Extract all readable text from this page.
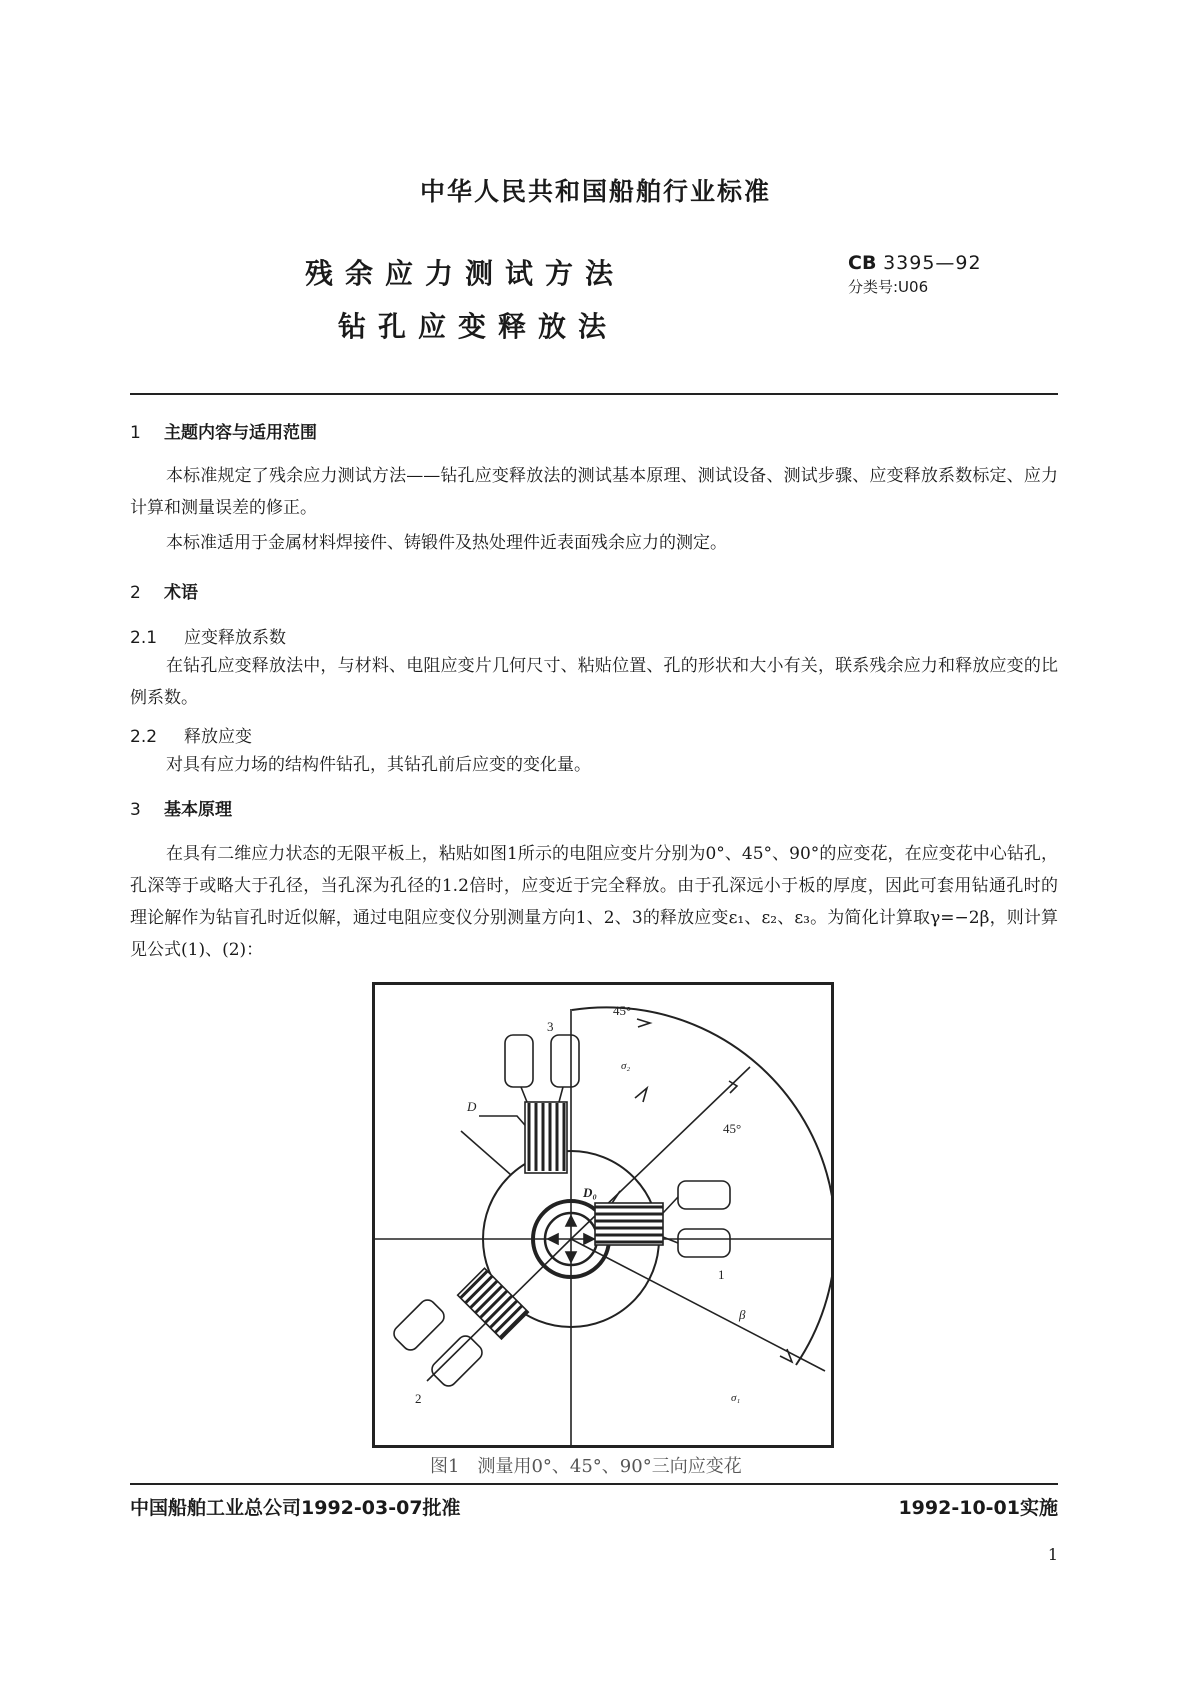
中华人民共和国船舶行业标准
残余应力测试方法
钻孔应变释放法
CB 3395—92
分类号:U06
1 主题内容与适用范围
本标准规定了残余应力测试方法——钻孔应变释放法的测试基本原理、测试设备、测试步骤、应变释放系数标定、应力计算和测量误差的修正。
本标准适用于金属材料焊接件、铸锻件及热处理件近表面残余应力的测定。
2 术语
2.1 应变释放系数
在钻孔应变释放法中，与材料、电阻应变片几何尺寸、粘贴位置、孔的形状和大小有关，联系残余应力和释放应变的比例系数。
2.2 释放应变
对具有应力场的结构件钻孔，其钻孔前后应变的变化量。
3 基本原理
在具有二维应力状态的无限平板上，粘贴如图1所示的电阻应变片分别为0°、45°、90°的应变花，在应变花中心钻孔，孔深等于或略大于孔径，当孔深为孔径的1.2倍时，应变近于完全释放。由于孔深远小于板的厚度，因此可套用钻通孔时的理论解作为钻盲孔时近似解，通过电阻应变仪分别测量方向1、2、3的释放应变ε₁、ε₂、ε₃。为简化计算取γ=−2β，则计算见公式(1)、(2)：
45°
45°
1
2
3
D
D₀
β
σ₁
σ₂
图1　测量用0°、45°、90°三向应变花
中国船舶工业总公司1992-03-07批准	1992-10-01实施
1
